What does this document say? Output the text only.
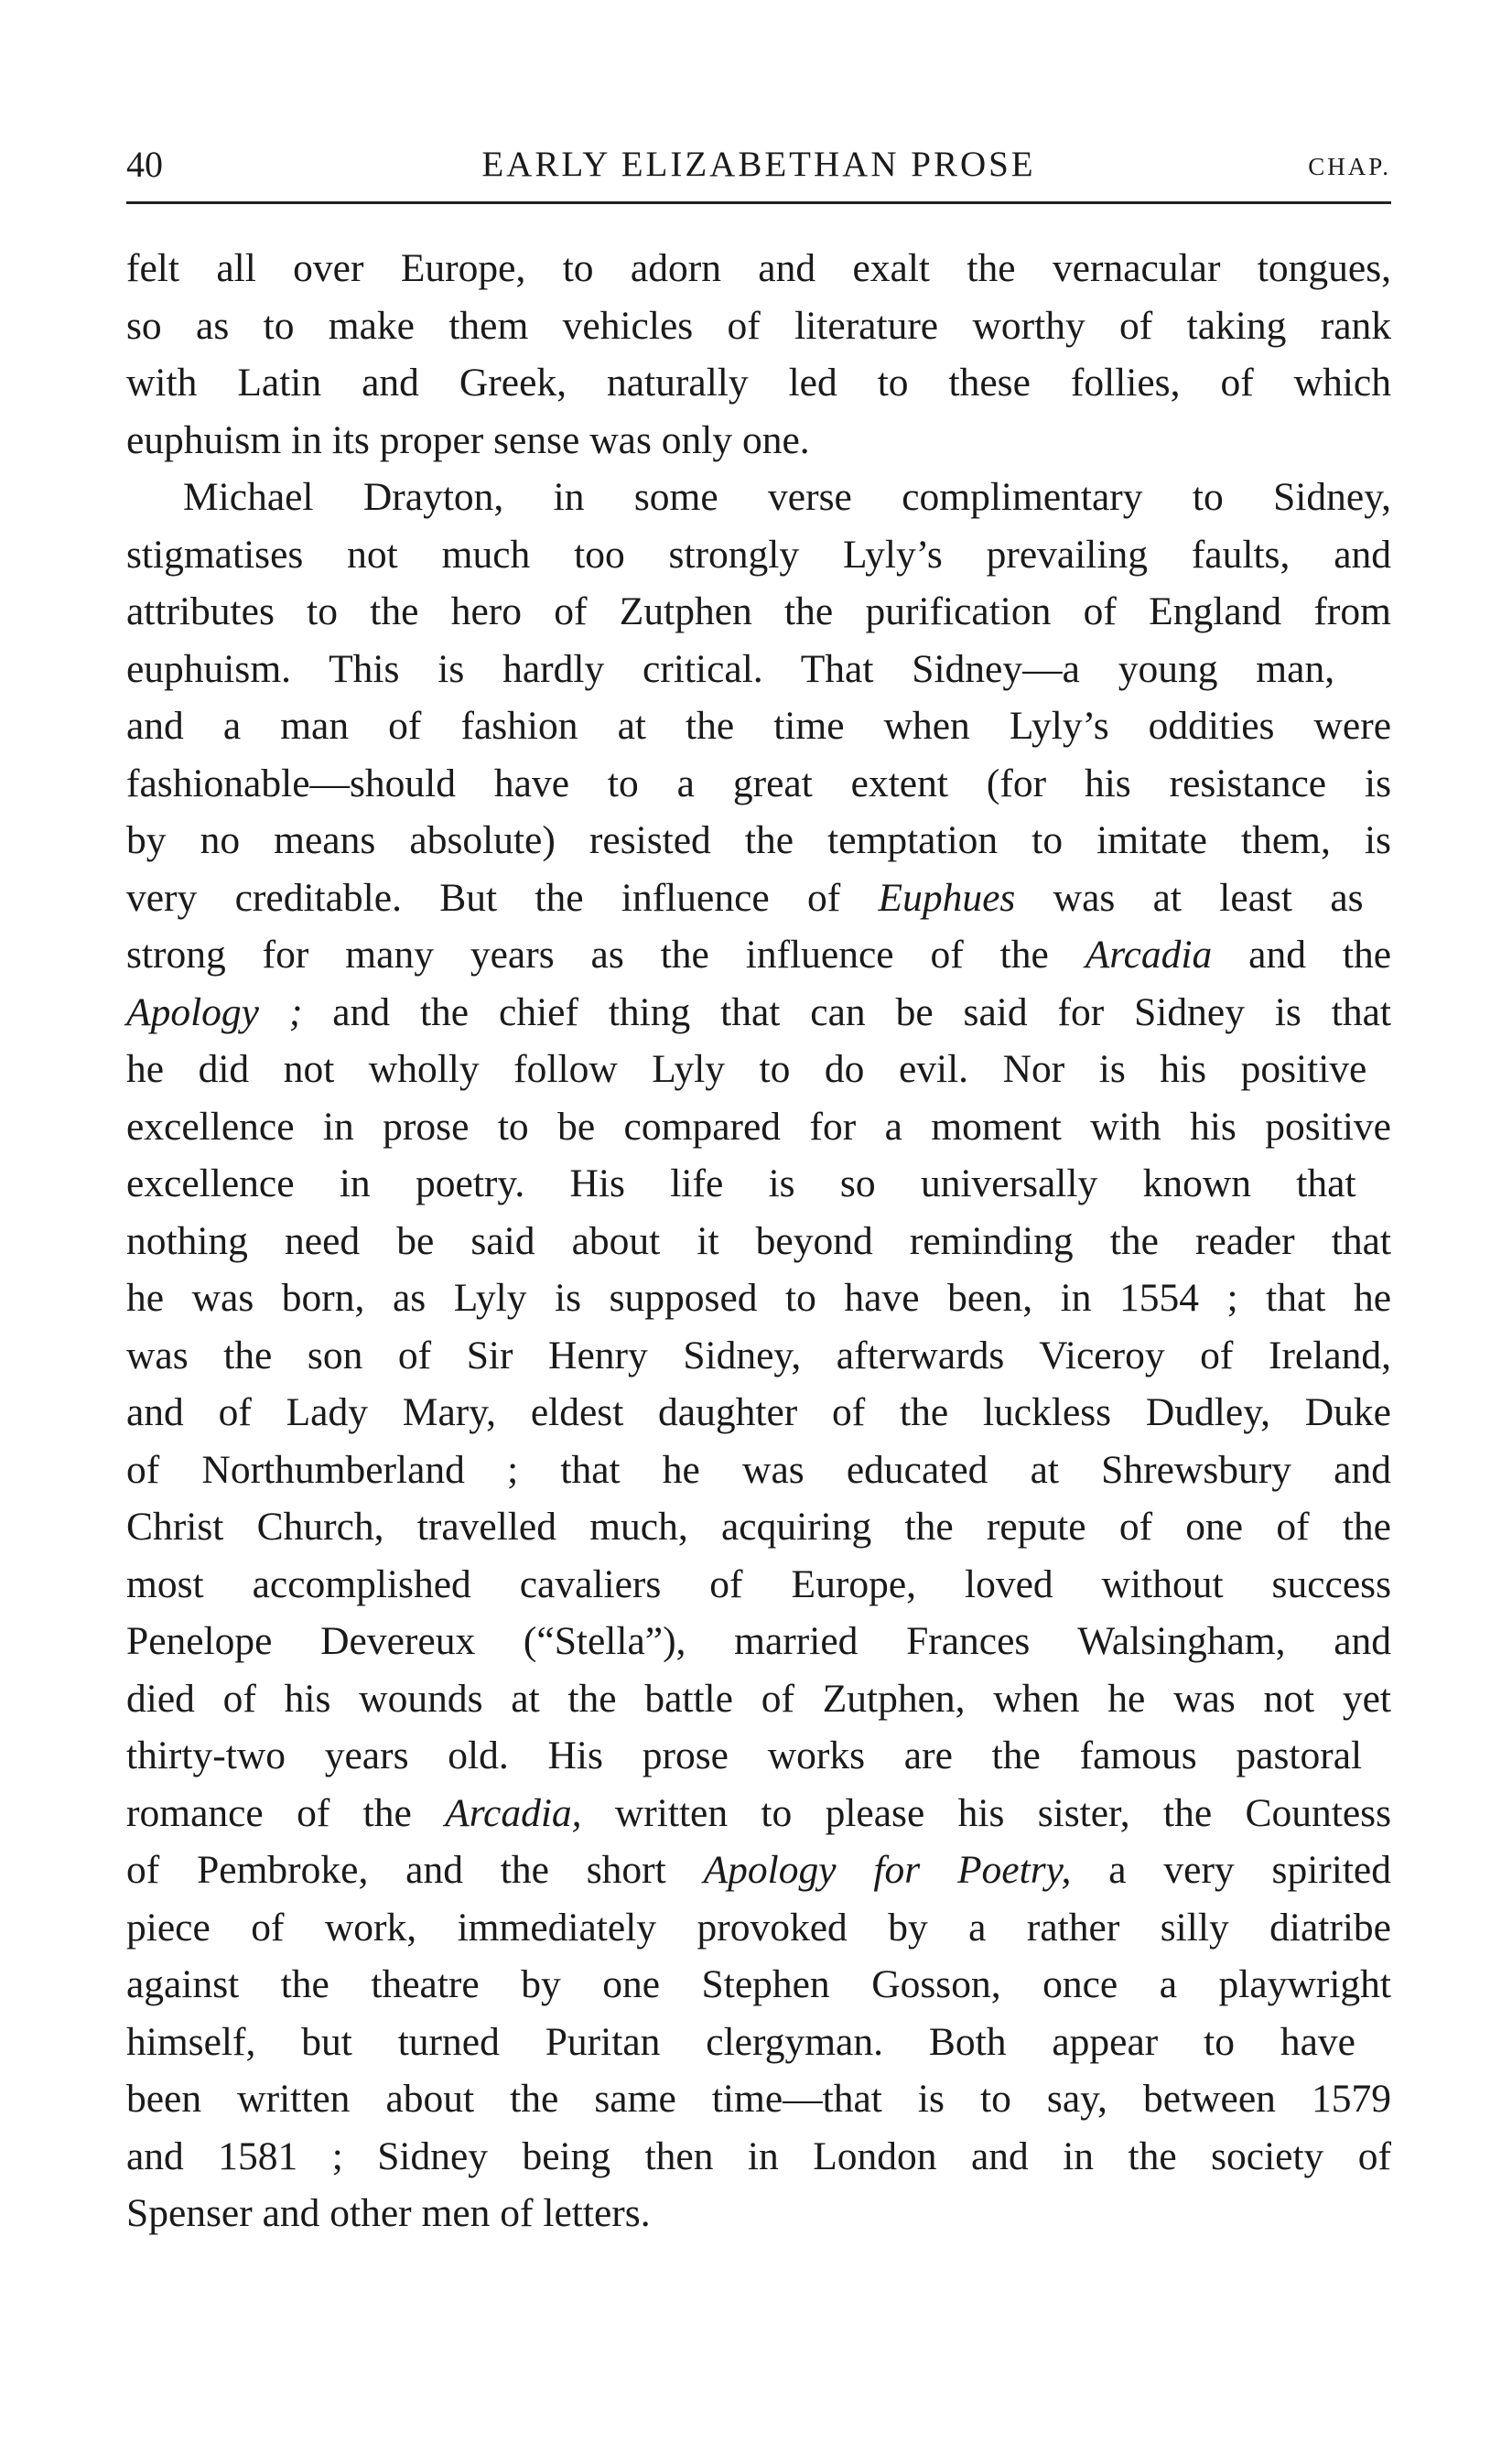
40	EARLY ELIZABETHAN PROSE	CHAP.
felt all over Europe, to adorn and exalt the vernacular tongues,
so as to make them vehicles of literature worthy of taking rank
with Latin and Greek, naturally led to these follies, of which
euphuism in its proper sense was only one.
Michael Drayton, in some verse complimentary to Sidney,
stigmatises not much too strongly Lyly’s prevailing faults, and
attributes to the hero of Zutphen the purification of England from
euphuism. This is hardly critical. That Sidney—a young man,
and a man of fashion at the time when Lyly’s oddities were
fashionable—should have to a great extent (for his resistance is
by no means absolute) resisted the temptation to imitate them, is
very creditable. But the influence of Euphues was at least as
strong for many years as the influence of the Arcadia and the
Apology ; and the chief thing that can be said for Sidney is that
he did not wholly follow Lyly to do evil. Nor is his positive
excellence in prose to be compared for a moment with his positive
excellence in poetry. His life is so universally known that
nothing need be said about it beyond reminding the reader that
he was born, as Lyly is supposed to have been, in 1554 ; that he
was the son of Sir Henry Sidney, afterwards Viceroy of Ireland,
and of Lady Mary, eldest daughter of the luckless Dudley, Duke
of Northumberland ; that he was educated at Shrewsbury and
Christ Church, travelled much, acquiring the repute of one of the
most accomplished cavaliers of Europe, loved without success
Penelope Devereux (“Stella”), married Frances Walsingham, and
died of his wounds at the battle of Zutphen, when he was not yet
thirty-two years old. His prose works are the famous pastoral
romance of the Arcadia, written to please his sister, the Countess
of Pembroke, and the short Apology for Poetry, a very spirited
piece of work, immediately provoked by a rather silly diatribe
against the theatre by one Stephen Gosson, once a playwright
himself, but turned Puritan clergyman. Both appear to have
been written about the same time—that is to say, between 1579
and 1581 ; Sidney being then in London and in the society of
Spenser and other men of letters.
